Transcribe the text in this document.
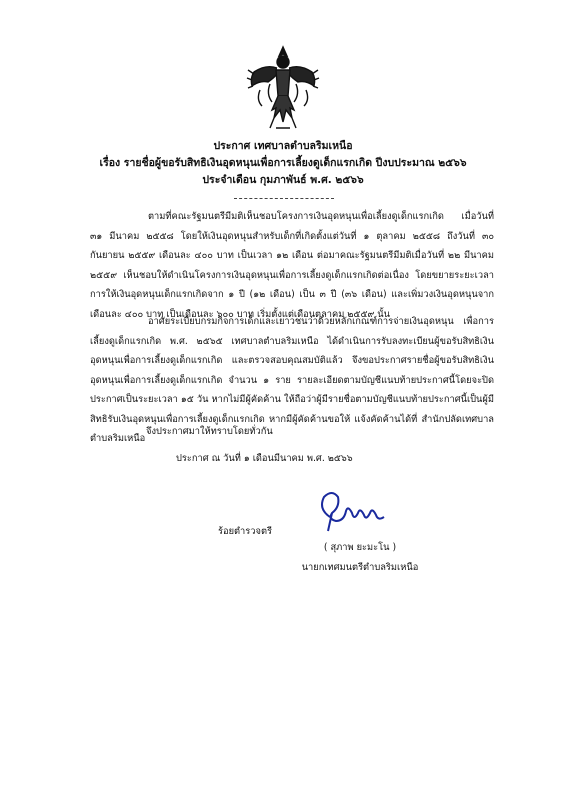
ประกาศ เทศบาลตำบลริมเหนือ
เรื่อง รายชื่อผู้ขอรับสิทธิเงินอุดหนุนเพื่อการเลี้ยงดูเด็กแรกเกิด ปีงบประมาณ ๒๕๖๖
ประจำเดือน กุมภาพันธ์ พ.ศ. ๒๕๖๖
ตามที่คณะรัฐมนตรีมีมติเห็นชอบโครงการเงินอุดหนุนเพื่อเลี้ยงดูเด็กแรกเกิด เมื่อวันที่ ๓๑ มีนาคม ๒๕๕๘ โดยให้เงินอุดหนุนสำหรับเด็กที่เกิดตั้งแต่วันที่ ๑ ตุลาคม ๒๕๕๘ ถึงวันที่ ๓๐ กันยายน ๒๕๕๙ เดือนละ ๔๐๐ บาท เป็นเวลา ๑๒ เดือน ต่อมาคณะรัฐมนตรีมีมติเมื่อวันที่ ๒๒ มีนาคม ๒๕๕๙ เห็นชอบให้ดำเนินโครงการเงินอุดหนุนเพื่อการเลี้ยงดูเด็กแรกเกิดต่อเนื่อง โดยขยายระยะเวลาการให้เงินอุดหนุนเด็กแรกเกิดจาก ๑ ปี (๑๒ เดือน) เป็น ๓ ปี (๓๖ เดือน) และเพิ่มวงเงินอุดหนุนจากเดือนละ ๔๐๐ บาท เป็นเดือนละ ๖๐๐ บาท เริ่มตั้งแต่เดือนตุลาคม ๒๕๕๙ นั้น
อาศัยระเบียบกรมกิจการเด็กและเยาวชนว่าด้วยหลักเกณฑ์การจ่ายเงินอุดหนุน เพื่อการเลี้ยงดูเด็กแรกเกิด พ.ศ. ๒๕๖๕ เทศบาลตำบลริมเหนือ ได้ดำเนินการรับลงทะเบียนผู้ขอรับสิทธิเงินอุดหนุนเพื่อการเลี้ยงดูเด็กแรกเกิด และตรวจสอบคุณสมบัติแล้ว จึงขอประกาศรายชื่อผู้ขอรับสิทธิเงินอุดหนุนเพื่อการเลี้ยงดูเด็กแรกเกิด จำนวน ๑ ราย รายละเอียดตามบัญชีแนบท้ายประกาศนี้โดยจะปิดประกาศเป็นระยะเวลา ๑๕ วัน หากไม่มีผู้คัดค้าน ให้ถือว่าผู้มีรายชื่อตามบัญชีแนบท้ายประกาศนี้เป็นผู้มีสิทธิรับเงินอุดหนุนเพื่อการเลี้ยงดูเด็กแรกเกิด หากมีผู้คัดค้านขอให้ แจ้งคัดค้านได้ที่ สำนักปลัดเทศบาลตำบลริมเหนือ
จึงประกาศมาให้ทราบโดยทั่วกัน
ประกาศ ณ วันที่ ๑ เดือนมีนาคม พ.ศ. ๒๕๖๖
ร้อยตำรวจตรี
( สุภาพ ยะมะโน )
นายกเทศมนตรีตำบลริมเหนือ
